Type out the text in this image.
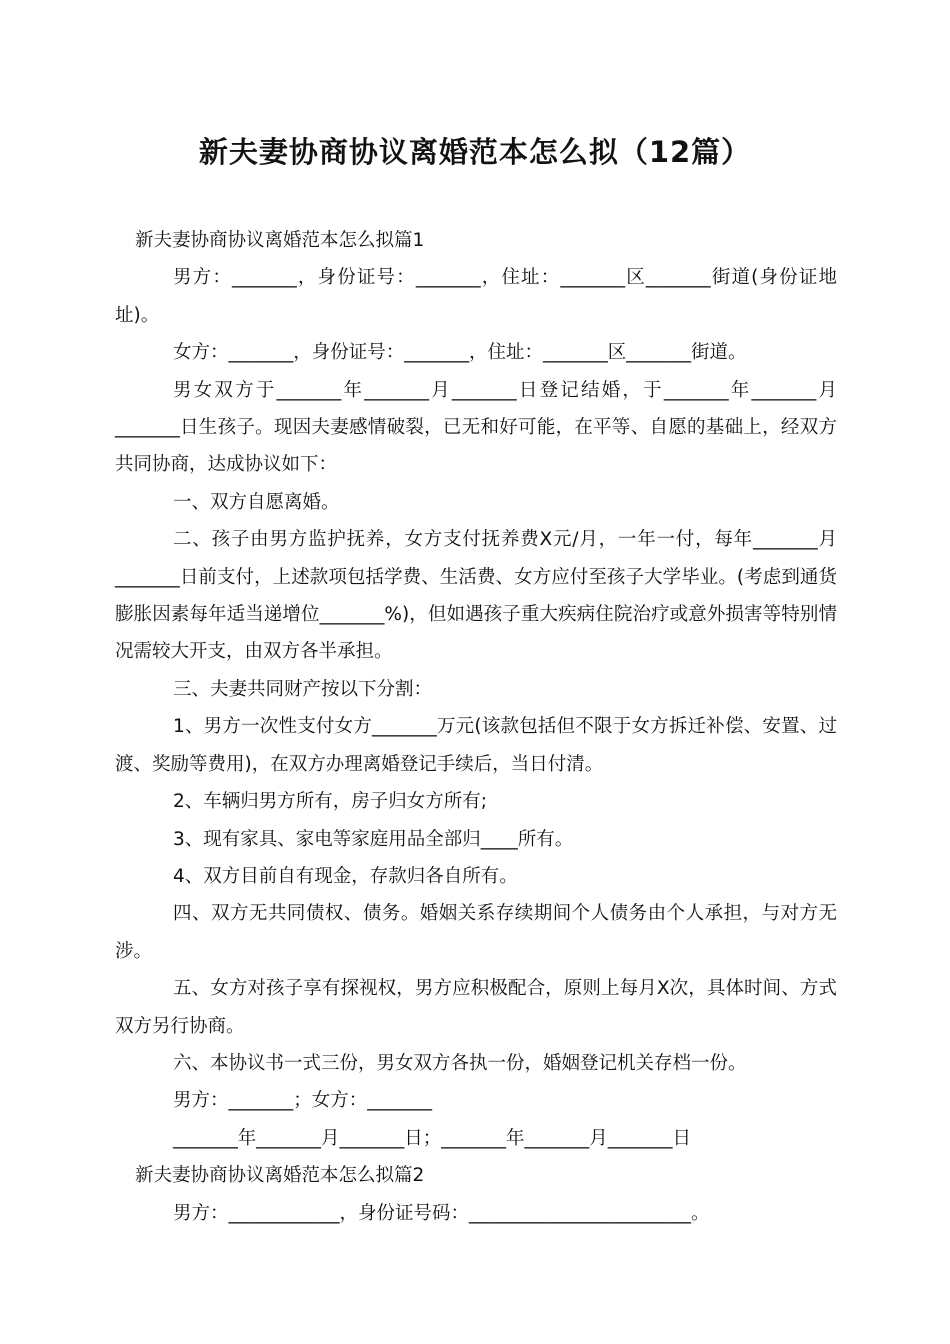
新夫妻协商协议离婚范本怎么拟（12篇）

新夫妻协商协议离婚范本怎么拟篇1

男方：_______，身份证号：_______，住址：_______区_______街道(身份证地址)。

女方：_______，身份证号：_______，住址：_______区_______街道。

男女双方于_______年_______月_______日登记结婚，于_______年_______月_______日生孩子。现因夫妻感情破裂，已无和好可能，在平等、自愿的基础上，经双方共同协商，达成协议如下：

一、双方自愿离婚。

二、孩子由男方监护抚养，女方支付抚养费X元/月，一年一付，每年_______月_______日前支付，上述款项包括学费、生活费、女方应付至孩子大学毕业。(考虑到通货膨胀因素每年适当递增位_______%)，但如遇孩子重大疾病住院治疗或意外损害等特别情况需较大开支，由双方各半承担。

三、夫妻共同财产按以下分割：

1、男方一次性支付女方_______万元(该款包括但不限于女方拆迁补偿、安置、过渡、奖励等费用)，在双方办理离婚登记手续后，当日付清。

2、车辆归男方所有，房子归女方所有;

3、现有家具、家电等家庭用品全部归____所有。

4、双方目前自有现金，存款归各自所有。

四、双方无共同债权、债务。婚姻关系存续期间个人债务由个人承担，与对方无涉。

五、女方对孩子享有探视权，男方应积极配合，原则上每月X次，具体时间、方式双方另行协商。

六、本协议书一式三份，男女双方各执一份，婚姻登记机关存档一份。

男方：_______；女方：_______

_______年_______月_______日；_______年_______月_______日

新夫妻协商协议离婚范本怎么拟篇2

男方：____________，身份证号码：________________________。
